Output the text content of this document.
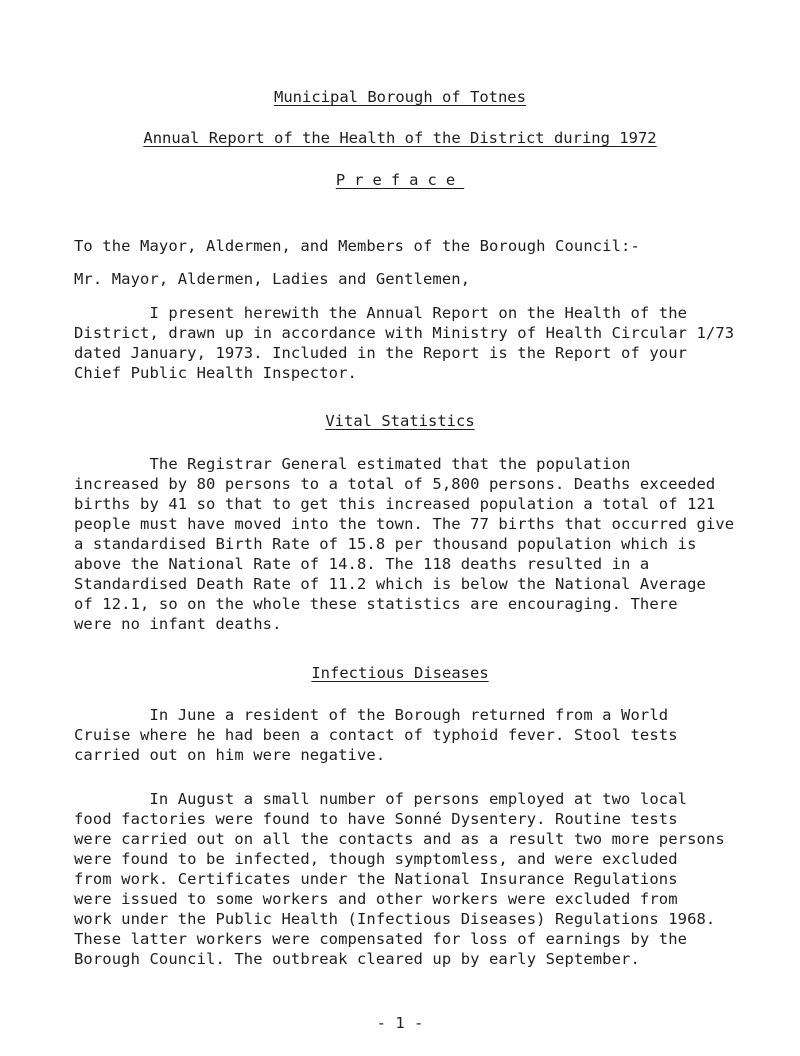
Municipal Borough of Totnes
Annual Report of the Health of the District during 1972
Preface
To the Mayor, Aldermen, and Members of the Borough Council:-
Mr. Mayor, Aldermen, Ladies and Gentlemen,
I present herewith the Annual Report on the Health of the
District, drawn up in accordance with Ministry of Health Circular 1/73
dated January, 1973. Included in the Report is the Report of your
Chief Public Health Inspector.
Vital Statistics
The Registrar General estimated that the population
increased by 80 persons to a total of 5,800 persons. Deaths exceeded
births by 41 so that to get this increased population a total of 121
people must have moved into the town. The 77 births that occurred give
a standardised Birth Rate of 15.8 per thousand population which is
above the National Rate of 14.8. The 118 deaths resulted in a
Standardised Death Rate of 11.2 which is below the National Average
of 12.1, so on the whole these statistics are encouraging. There
were no infant deaths.
Infectious Diseases
In June a resident of the Borough returned from a World
Cruise where he had been a contact of typhoid fever. Stool tests
carried out on him were negative.
In August a small number of persons employed at two local
food factories were found to have Sonné Dysentery. Routine tests
were carried out on all the contacts and as a result two more persons
were found to be infected, though symptomless, and were excluded
from work. Certificates under the National Insurance Regulations
were issued to some workers and other workers were excluded from
work under the Public Health (Infectious Diseases) Regulations 1968.
These latter workers were compensated for loss of earnings by the
Borough Council. The outbreak cleared up by early September.
- 1 -
